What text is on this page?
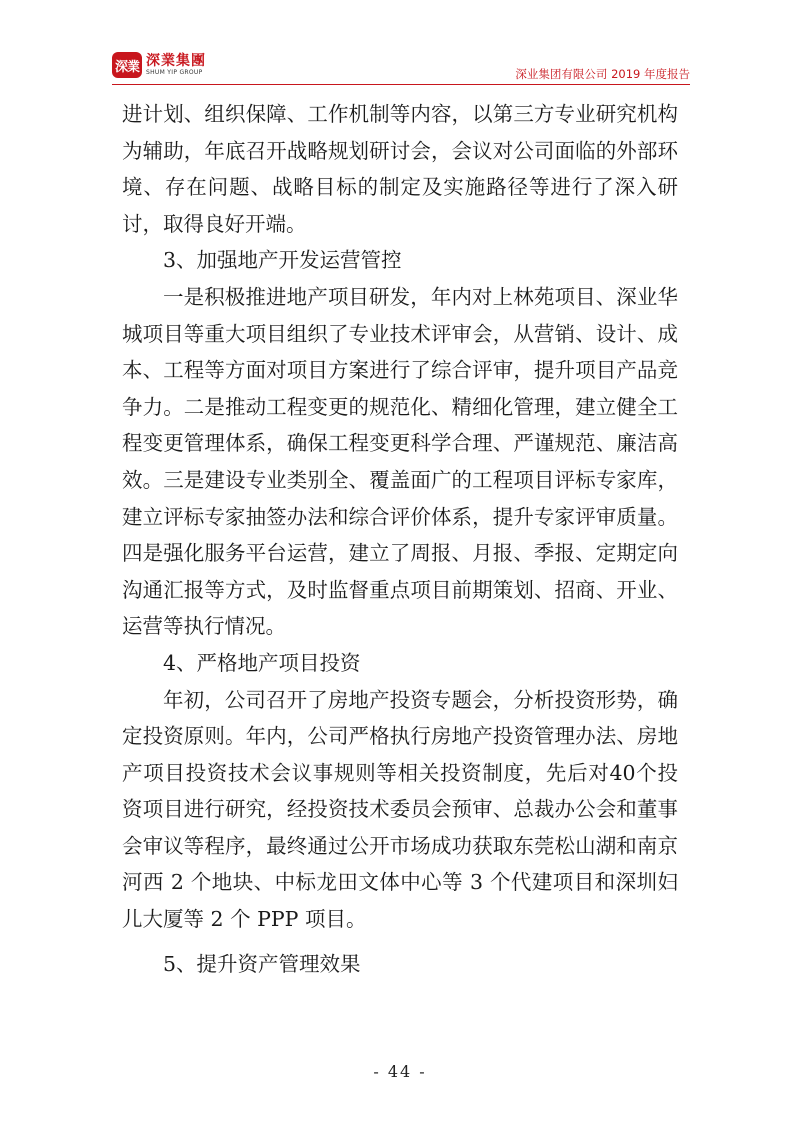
深業 深業集團
SHUM YIP GROUP	深业集团有限公司 2019 年度报告

进计划、组织保障、工作机制等内容，以第三方专业研究机构为辅助，年底召开战略规划研讨会，会议对公司面临的外部环境、存在问题、战略目标的制定及实施路径等进行了深入研讨，取得良好开端。

3、加强地产开发运营管控

一是积极推进地产项目研发，年内对上林苑项目、深业华城项目等重大项目组织了专业技术评审会，从营销、设计、成本、工程等方面对项目方案进行了综合评审，提升项目产品竞争力。二是推动工程变更的规范化、精细化管理，建立健全工程变更管理体系，确保工程变更科学合理、严谨规范、廉洁高效。三是建设专业类别全、覆盖面广的工程项目评标专家库，建立评标专家抽签办法和综合评价体系，提升专家评审质量。四是强化服务平台运营，建立了周报、月报、季报、定期定向沟通汇报等方式，及时监督重点项目前期策划、招商、开业、运营等执行情况。

4、严格地产项目投资

年初，公司召开了房地产投资专题会，分析投资形势，确定投资原则。年内，公司严格执行房地产投资管理办法、房地产项目投资技术会议事规则等相关投资制度，先后对40个投资项目进行研究，经投资技术委员会预审、总裁办公会和董事会审议等程序，最终通过公开市场成功获取东莞松山湖和南京河西 2 个地块、中标龙田文体中心等 3 个代建项目和深圳妇儿大厦等 2 个 PPP 项目。

5、提升资产管理效果

- 44 -
